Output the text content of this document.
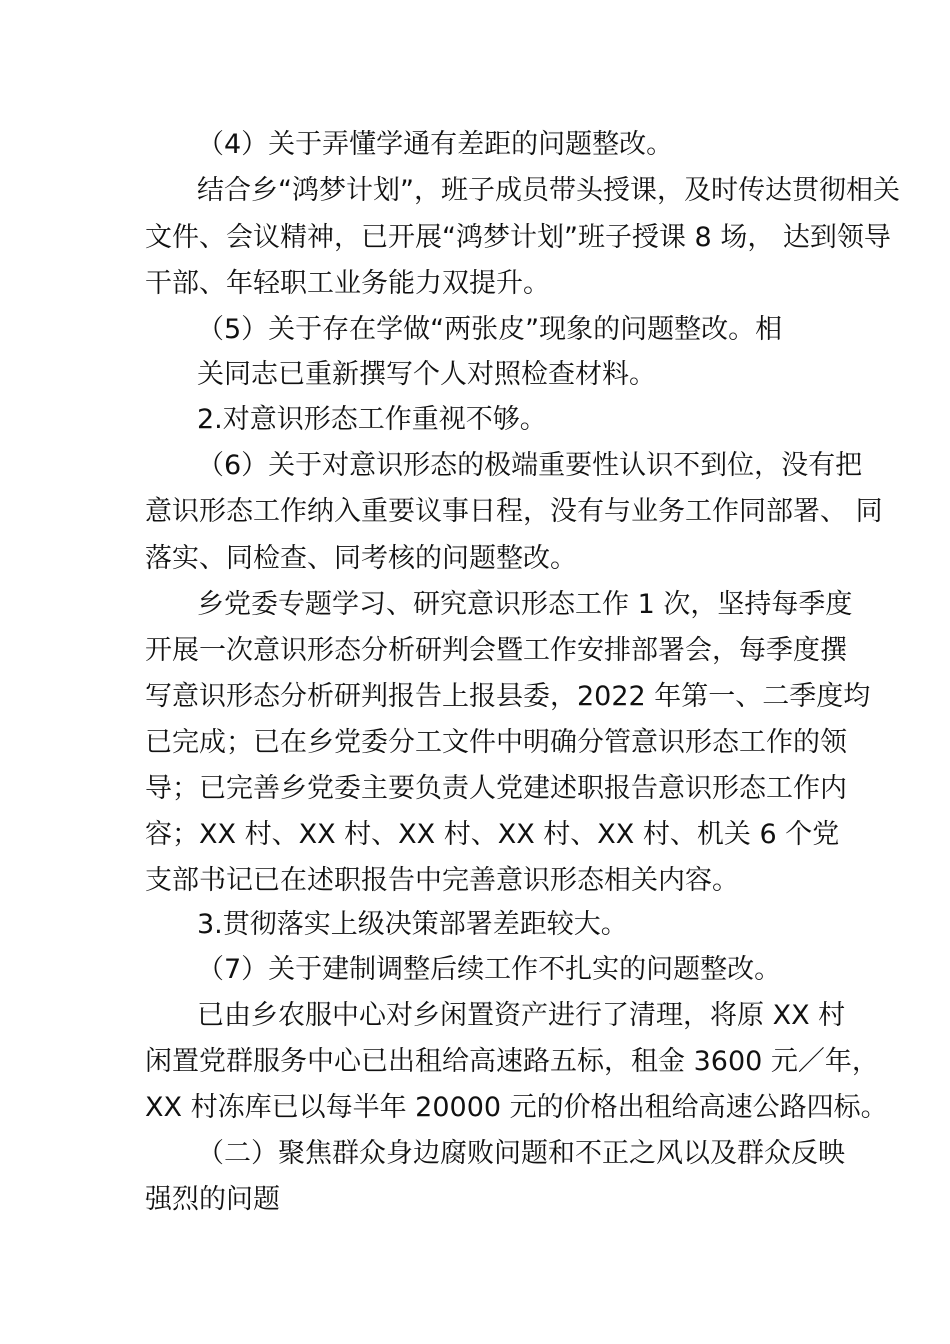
（4）关于弄懂学通有差距的问题整改。
结合乡“鸿梦计划”，班子成员带头授课，及时传达贯彻相关
文件、会议精神，已开展“鸿梦计划”班子授课 8 场， 达到领导
干部、年轻职工业务能力双提升。
（5）关于存在学做“两张皮”现象的问题整改。相
关同志已重新撰写个人对照检查材料。
2.对意识形态工作重视不够。
（6）关于对意识形态的极端重要性认识不到位，没有把
意识形态工作纳入重要议事日程，没有与业务工作同部署、 同
落实、同检查、同考核的问题整改。
乡党委专题学习、研究意识形态工作 1 次，坚持每季度
开展一次意识形态分析研判会暨工作安排部署会，每季度撰
写意识形态分析研判报告上报县委，2022 年第一、二季度均
已完成；已在乡党委分工文件中明确分管意识形态工作的领
导；已完善乡党委主要负责人党建述职报告意识形态工作内
容；XX 村、XX 村、XX 村、XX 村、XX 村、机关 6 个党
支部书记已在述职报告中完善意识形态相关内容。
3.贯彻落实上级决策部署差距较大。
（7）关于建制调整后续工作不扎实的问题整改。
已由乡农服中心对乡闲置资产进行了清理，将原 XX 村
闲置党群服务中心已出租给高速路五标，租金 3600 元／年，
XX 村冻库已以每半年 20000 元的价格出租给高速公路四标。
（二）聚焦群众身边腐败问题和不正之风以及群众反映
强烈的问题
